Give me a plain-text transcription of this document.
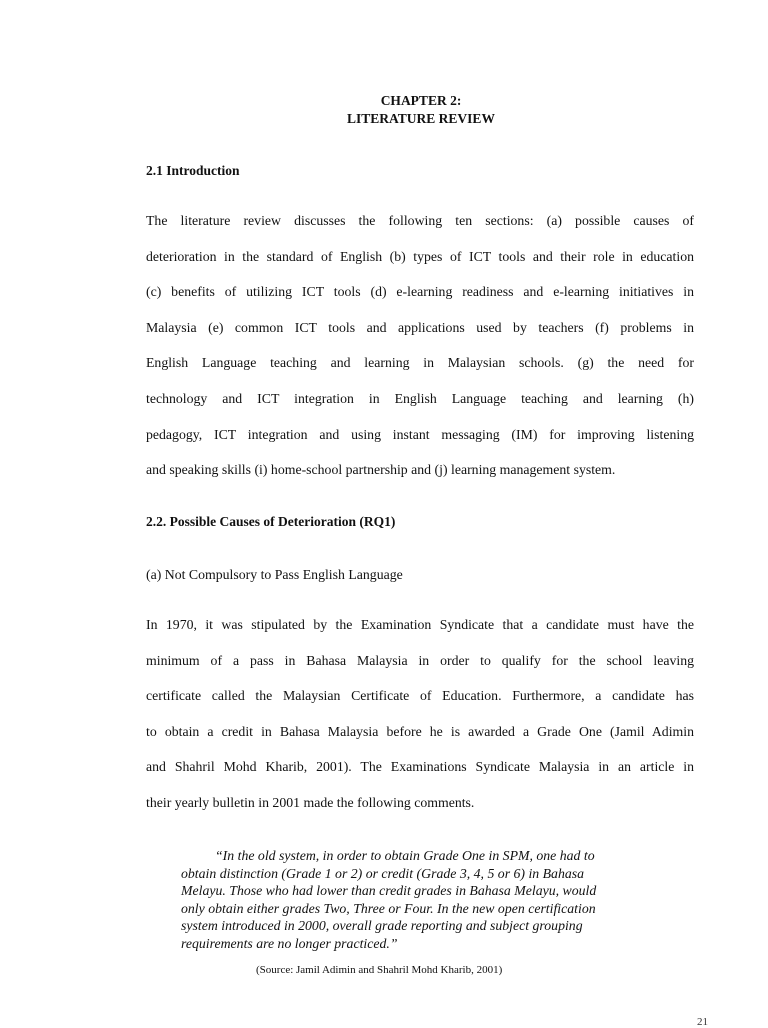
CHAPTER 2:
LITERATURE REVIEW
2.1 Introduction
The literature review discusses the following ten sections: (a) possible causes of
deterioration in the standard of English (b) types of ICT tools and their role in education
(c) benefits of utilizing ICT tools (d) e-learning readiness and e-learning initiatives in
Malaysia (e) common ICT tools and applications used by teachers (f) problems in
English Language teaching and learning in Malaysian schools. (g) the need for
technology and ICT integration in English Language teaching and learning (h)
pedagogy, ICT integration and using instant messaging (IM) for improving listening
and speaking skills (i) home-school partnership and (j) learning management system.
2.2. Possible Causes of Deterioration (RQ1)
(a) Not Compulsory to Pass English Language
In 1970, it was stipulated by the Examination Syndicate that a candidate must have the
minimum of a pass in Bahasa Malaysia in order to qualify for the school leaving
certificate called the Malaysian Certificate of Education. Furthermore, a candidate has
to obtain a credit in Bahasa Malaysia before he is awarded a Grade One (Jamil Adimin
and Shahril Mohd Kharib, 2001). The Examinations Syndicate Malaysia in an article in
their yearly bulletin in 2001 made the following comments.
“In the old system, in order to obtain Grade One in SPM, one had to
obtain distinction (Grade 1 or 2) or credit (Grade 3, 4, 5 or 6) in Bahasa
Melayu. Those who had lower than credit grades in Bahasa Melayu, would
only obtain either grades Two, Three or Four. In the new open certification
system introduced in 2000, overall grade reporting and subject grouping
requirements are no longer practiced.”
(Source: Jamil Adimin and Shahril Mohd Kharib, 2001)
21
